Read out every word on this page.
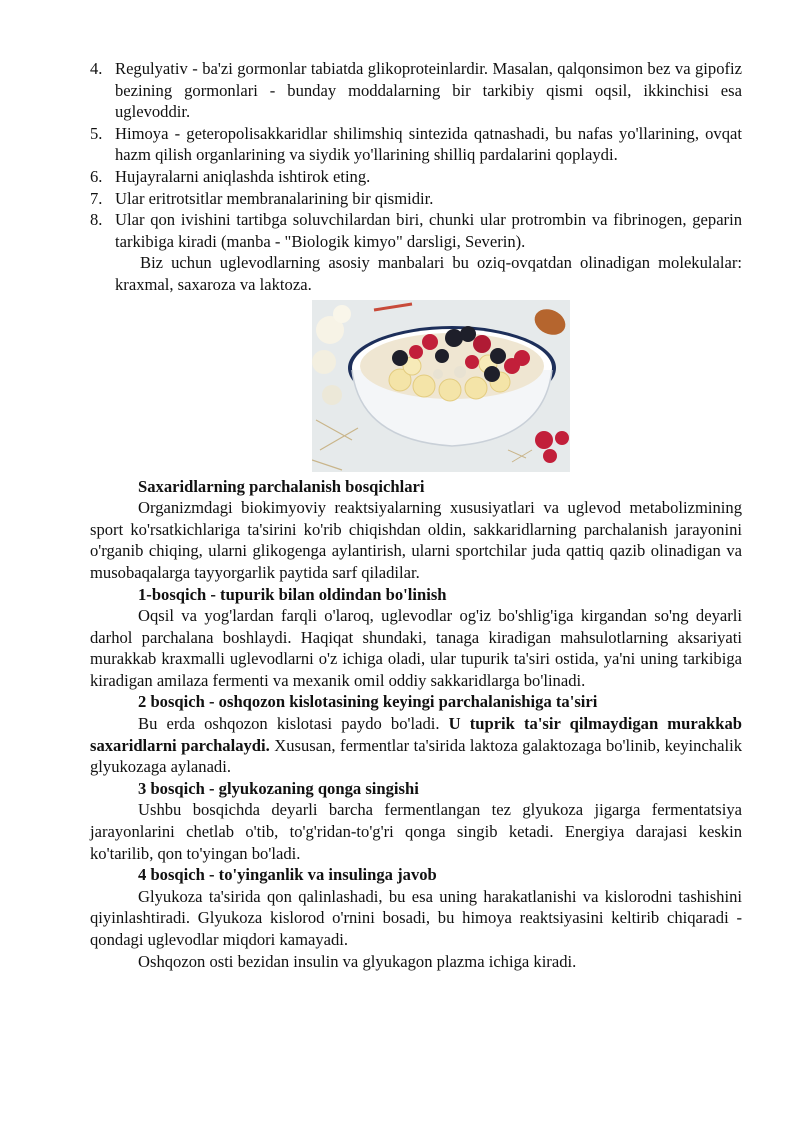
4. Regulyativ - ba'zi gormonlar tabiatda glikoproteinlardir. Masalan, qalqonsimon bez va gipofiz bezining gormonlari - bunday moddalarning bir tarkibiy qismi oqsil, ikkinchisi esa uglevoddir.
5. Himoya - geteropolisakkaridlar shilimshiq sintezida qatnashadi, bu nafas yo'llarining, ovqat hazm qilish organlarining va siydik yo'llarining shilliq pardalarini qoplaydi.
6. Hujayralarni aniqlashda ishtirok eting.
7. Ular eritrotsitlar membranalarining bir qismidir.
8. Ular qon ivishini tartibga soluvchilardan biri, chunki ular protrombin va fibrinogen, geparin tarkibiga kiradi (manba - "Biologik kimyo" darsligi, Severin).

Biz uchun uglevodlarning asosiy manbalari bu oziq-ovqatdan olinadigan molekulalar: kraxmal, saxaroza va laktoza.

Saxaridlarning parchalanish bosqichlari

Organizmdagi biokimyoviy reaktsiyalarning xususiyatlari va uglevod metabolizmining sport ko'rsatkichlariga ta'sirini ko'rib chiqishdan oldin, sakkaridlarning parchalanish jarayonini o'rganib chiqing, ularni glikogenga aylantirish, ularni sportchilar juda qattiq qazib olinadigan va musobaqalarga tayyorgarlik paytida sarf qiladilar.

1-bosqich - tupurik bilan oldindan bo'linish

Oqsil va yog'lardan farqli o'laroq, uglevodlar og'iz bo'shlig'iga kirgandan so'ng deyarli darhol parchalana boshlaydi. Haqiqat shundaki, tanaga kiradigan mahsulotlarning aksariyati murakkab kraxmalli uglevodlarni o'z ichiga oladi, ular tupurik ta'siri ostida, ya'ni uning tarkibiga kiradigan amilaza fermenti va mexanik omil oddiy sakkaridlarga bo'linadi.

2 bosqich - oshqozon kislotasining keyingi parchalanishiga ta'siri

Bu erda oshqozon kislotasi paydo bo'ladi. U tuprik ta'sir qilmaydigan murakkab saxaridlarni parchalaydi. Xususan, fermentlar ta'sirida laktoza galaktozaga bo'linib, keyinchalik glyukozaga aylanadi.

3 bosqich - glyukozaning qonga singishi

Ushbu bosqichda deyarli barcha fermentlangan tez glyukoza jigarga fermentatsiya jarayonlarini chetlab o'tib, to'g'ridan-to'g'ri qonga singib ketadi. Energiya darajasi keskin ko'tarilib, qon to'yingan bo'ladi.

4 bosqich - to'yinganlik va insulinga javob

Glyukoza ta'sirida qon qalinlashadi, bu esa uning harakatlanishi va kislorodni tashishini qiyinlashtiradi. Glyukoza kislorod o'rnini bosadi, bu himoya reaktsiyasini keltirib chiqaradi - qondagi uglevodlar miqdori kamayadi.

Oshqozon osti bezidan insulin va glyukagon plazma ichiga kiradi.
